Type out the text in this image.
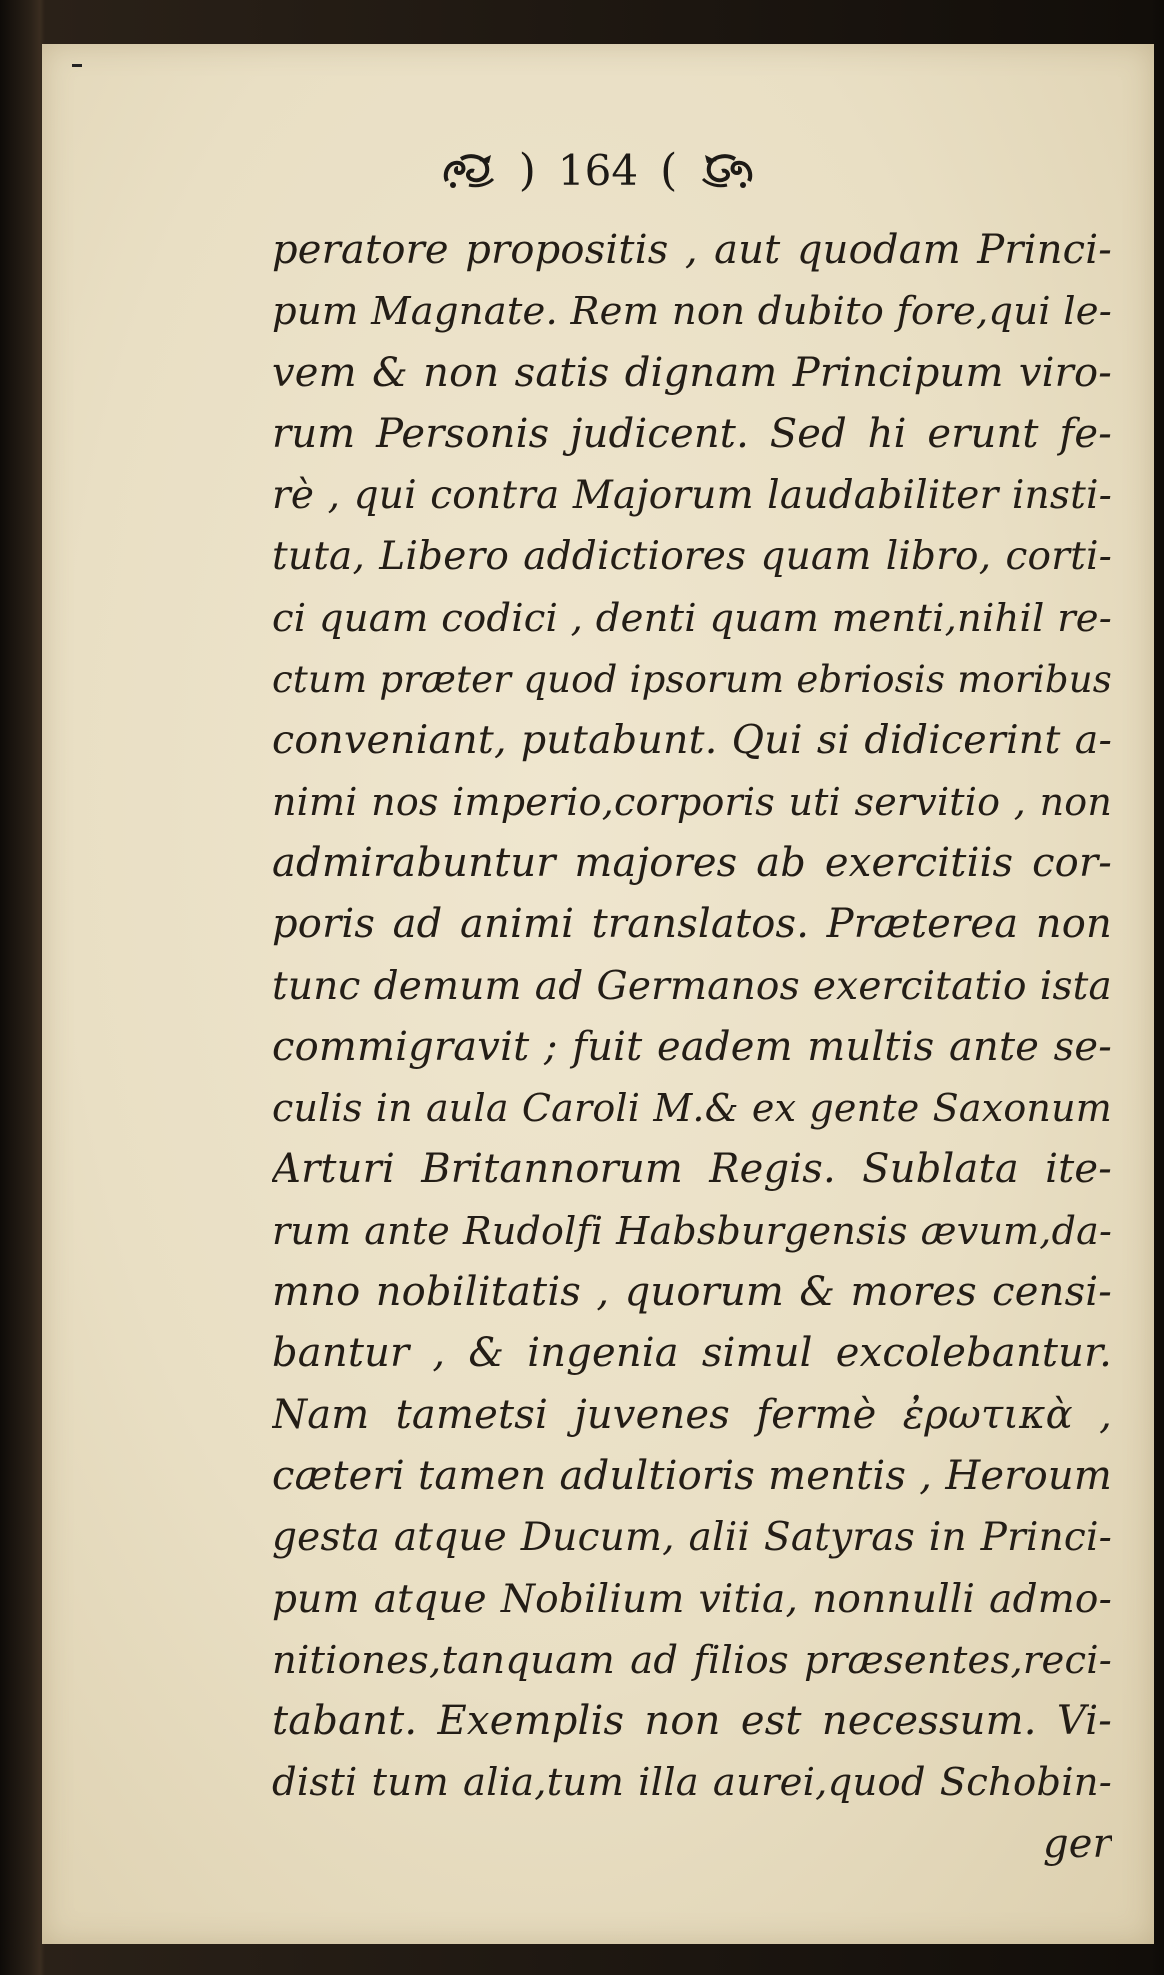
) 164 (
peratore propositis , aut quodam Princi-
pum Magnate. Rem non dubito fore,qui le-
vem & non satis dignam Principum viro-
rum Personis judicent. Sed hi erunt fe-
rè , qui contra Majorum laudabiliter insti-
tuta, Libero addictiores quam libro, corti-
ci quam codici , denti quam menti,nihil re-
ctum præter quod ipsorum ebriosis moribus
conveniant, putabunt. Qui si didicerint a-
nimi nos imperio,corporis uti servitio , non
admirabuntur majores ab exercitiis cor-
poris ad animi translatos. Præterea non
tunc demum ad Germanos exercitatio ista
commigravit ; fuit eadem multis ante se-
culis in aula Caroli M.& ex gente Saxonum
Arturi Britannorum Regis. Sublata ite-
rum ante Rudolfi Habsburgensis ævum,da-
mno nobilitatis , quorum & mores censi-
bantur , & ingenia simul excolebantur.
Nam tametsi juvenes fermè ἐρωτικὰ ,
cæteri tamen adultioris mentis , Heroum
gesta atque Ducum, alii Satyras in Princi-
pum atque Nobilium vitia, nonnulli admo-
nitiones,tanquam ad filios præsentes,reci-
tabant. Exemplis non est necessum. Vi-
disti tum alia,tum illa aurei,quod Schobin-
ger
